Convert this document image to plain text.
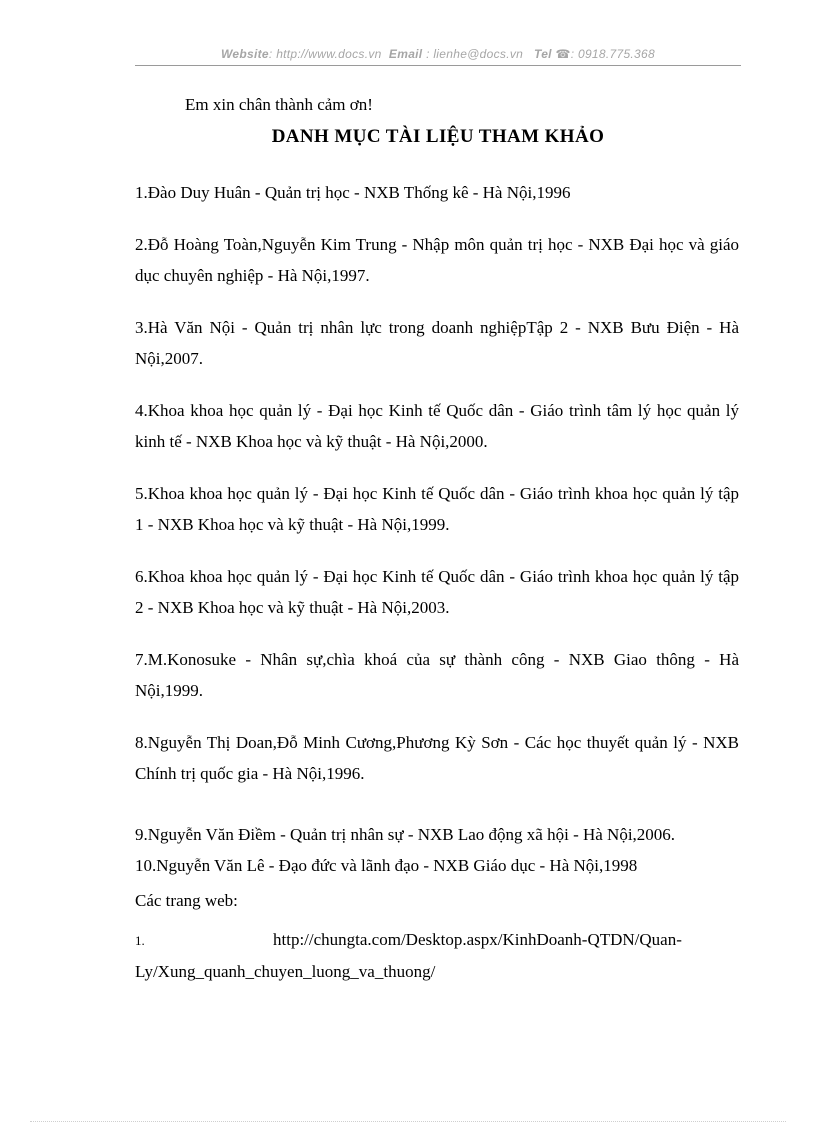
Website: http://www.docs.vn Email : lienhe@docs.vn Tel ☎: 0918.775.368
Em xin chân thành cảm ơn!
DANH MỤC TÀI LIỆU THAM KHẢO

1.Đào Duy Huân - Quản trị học - NXB Thống kê - Hà Nội,1996

2.Đỗ Hoàng Toàn,Nguyễn Kim Trung - Nhập môn quản trị học - NXB Đại học và giáo dục chuyên nghiệp - Hà Nội,1997.

3.Hà Văn Nội - Quản trị nhân lực trong doanh nghiệpTập 2 - NXB Bưu Điện - Hà Nội,2007.

4.Khoa khoa học quản lý - Đại học Kinh tế Quốc dân - Giáo trình tâm lý học quản lý kinh tế - NXB Khoa học và kỹ thuật - Hà Nội,2000.

5.Khoa khoa học quản lý - Đại học Kinh tế Quốc dân - Giáo trình khoa học quản lý tập 1 - NXB Khoa học và kỹ thuật - Hà Nội,1999.

6.Khoa khoa học quản lý - Đại học Kinh tế Quốc dân - Giáo trình khoa học quản lý tập 2 - NXB Khoa học và kỹ thuật - Hà Nội,2003.

7.M.Konosuke - Nhân sự,chìa khoá của sự thành công - NXB Giao thông - Hà Nội,1999.

8.Nguyễn Thị Doan,Đỗ Minh Cương,Phương Kỳ Sơn - Các học thuyết quản lý - NXB Chính trị quốc gia - Hà Nội,1996.

9.Nguyễn Văn Điềm - Quản trị nhân sự - NXB Lao động xã hội - Hà Nội,2006.

10.Nguyễn Văn Lê - Đạo đức và lãnh đạo - NXB Giáo dục - Hà Nội,1998

Các trang web:
1.	http://chungta.com/Desktop.aspx/KinhDoanh-QTDN/Quan-Ly/Xung_quanh_chuyen_luong_va_thuong/
